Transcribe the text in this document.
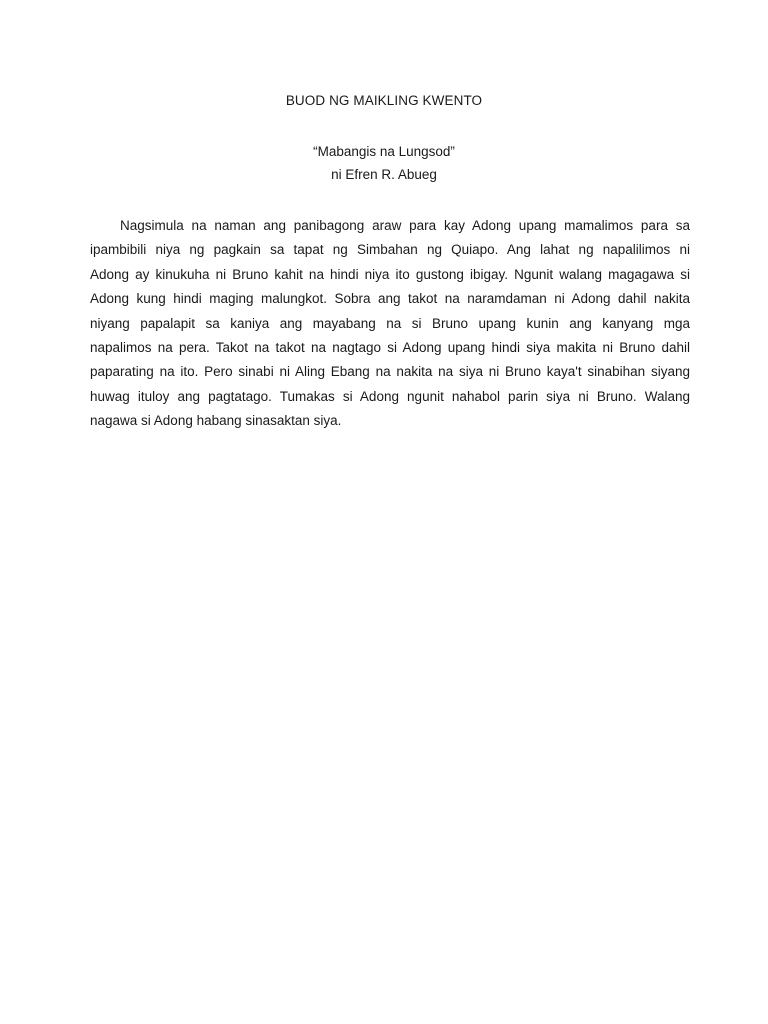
BUOD NG MAIKLING KWENTO

“Mabangis na Lungsod”

ni Efren R. Abueg

Nagsimula na naman ang panibagong araw para kay Adong upang mamalimos para sa
ipambibili niya ng pagkain sa tapat ng Simbahan ng Quiapo. Ang lahat ng napalilimos ni
Adong ay kinukuha ni Bruno kahit na hindi niya ito gustong ibigay. Ngunit walang magagawa si
Adong kung hindi maging malungkot. Sobra ang takot na naramdaman ni Adong dahil nakita
niyang papalapit sa kaniya ang mayabang na si Bruno upang kunin ang kanyang mga
napalimos na pera. Takot na takot na nagtago si Adong upang hindi siya makita ni Bruno dahil
paparating na ito. Pero sinabi ni Aling Ebang na nakita na siya ni Bruno kaya't sinabihan siyang
huwag ituloy ang pagtatago. Tumakas si Adong ngunit nahabol parin siya ni Bruno. Walang
nagawa si Adong habang sinasaktan siya.
